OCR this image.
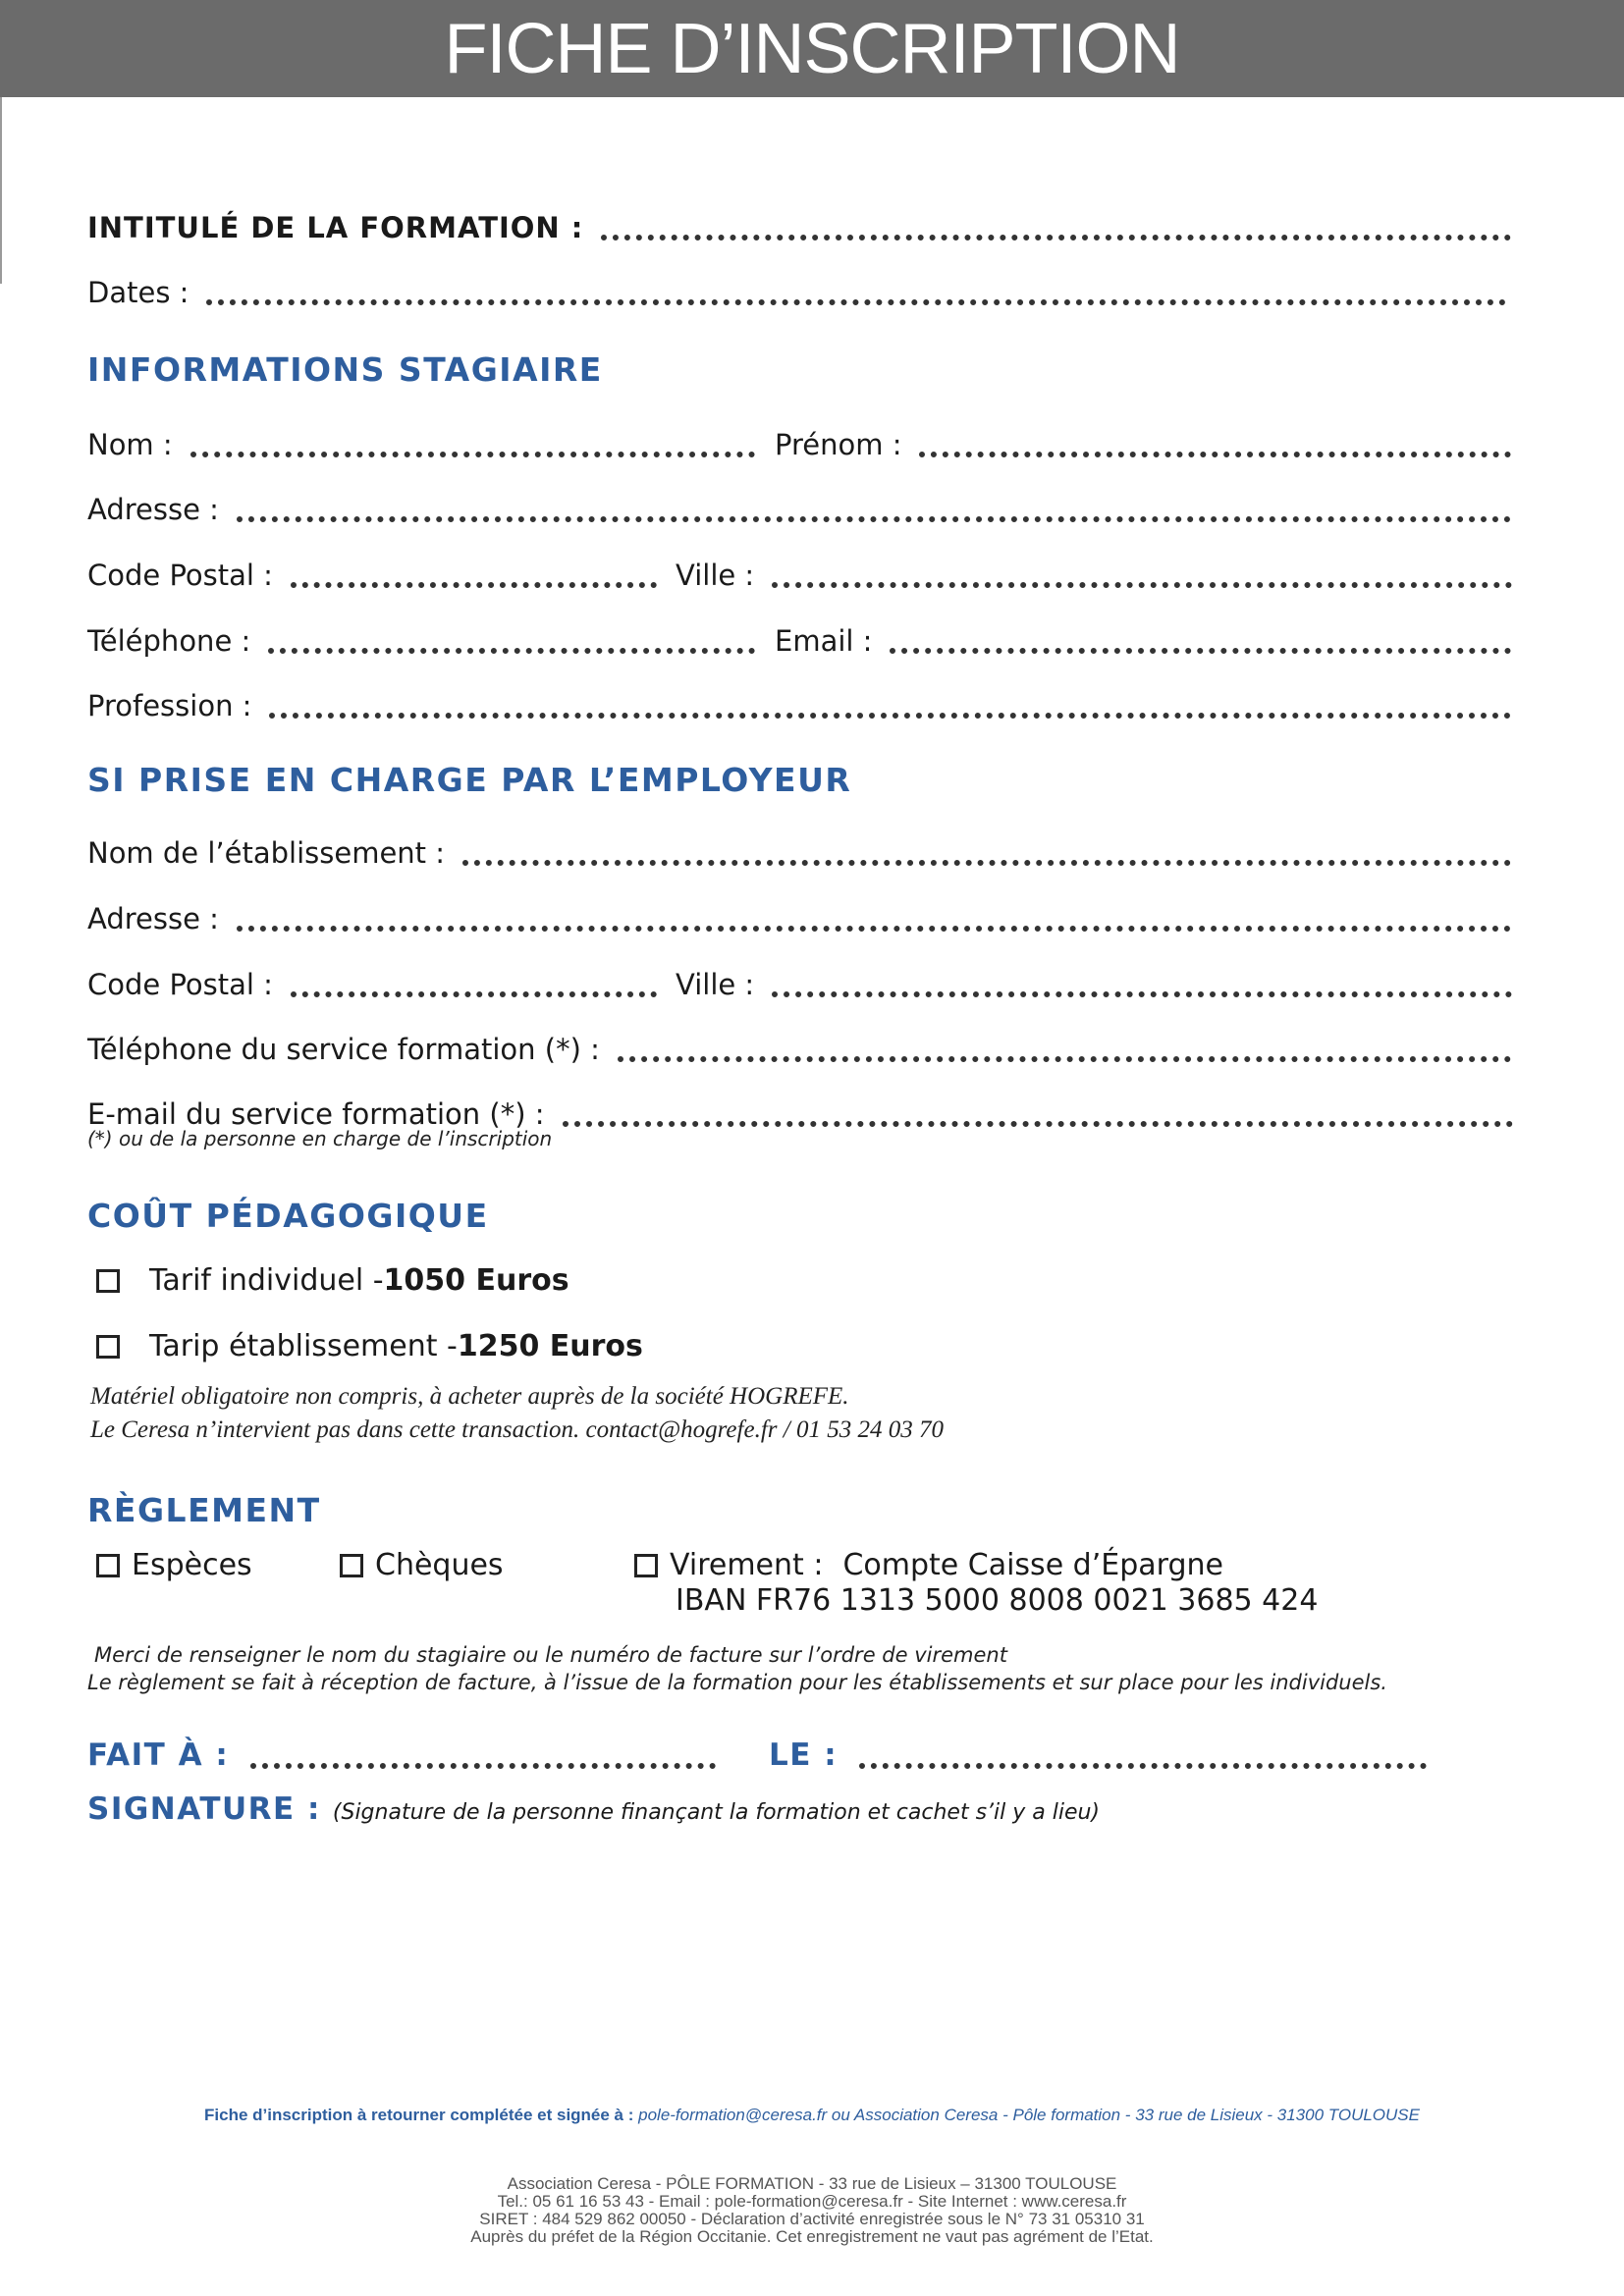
FICHE D’INSCRIPTION
INTITULÉ DE LA FORMATION :
Dates :
INFORMATIONS STAGIAIRE
Nom :	Prénom :
Adresse :
Code Postal :	Ville :
Téléphone :	Email :
Profession :
SI PRISE EN CHARGE PAR L’EMPLOYEUR
Nom de l’établissement :
Adresse :
Code Postal :	Ville :
Téléphone du service formation (*) :
E-mail du service formation (*) :
(*) ou de la personne en charge de l’inscription
COÛT PÉDAGOGIQUE
Tarif individuel - 1050 Euros
Tarip établissement - 1250 Euros
Matériel obligatoire non compris, à acheter auprès de la société HOGREFE.
Le Ceresa n’intervient pas dans cette transaction. contact@hogrefe.fr / 01 53 24 03 70
RÈGLEMENT
Espèces	Chèques	Virement : Compte Caisse d’Épargne
IBAN FR76 1313 5000 8008 0021 3685 424
Merci de renseigner le nom du stagiaire ou le numéro de facture sur l’ordre de virement
Le règlement se fait à réception de facture, à l’issue de la formation pour les établissements et sur place pour les individuels.
FAIT À :	LE :
SIGNATURE : (Signature de la personne finançant la formation et cachet s’il y a lieu)
Fiche d’inscription à retourner complétée et signée à : pole-formation@ceresa.fr ou Association Ceresa - Pôle formation - 33 rue de Lisieux - 31300 TOULOUSE
Association Ceresa - PÔLE FORMATION - 33 rue de Lisieux – 31300 TOULOUSE
Tel.: 05 61 16 53 43 - Email : pole-formation@ceresa.fr - Site Internet : www.ceresa.fr
SIRET : 484 529 862 00050 - Déclaration d’activité enregistrée sous le N° 73 31 05310 31
Auprès du préfet de la Région Occitanie. Cet enregistrement ne vaut pas agrément de l’Etat.
